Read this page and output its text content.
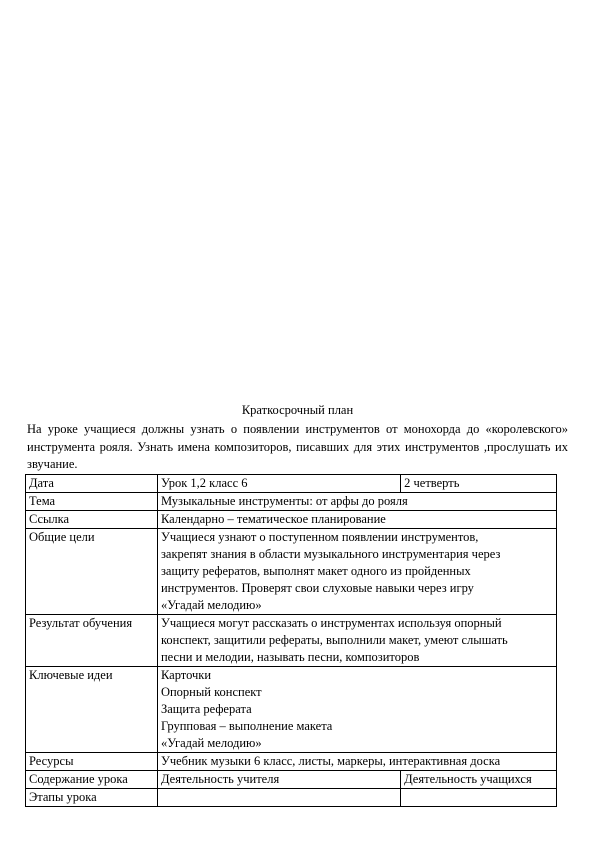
Краткосрочный план
На уроке учащиеся должны узнать о появлении инструментов от монохорда до «королевского» инструмента рояля. Узнать имена композиторов, писавших для этих инструментов ,прослушать их звучание.
Дата	Урок 1,2 класс 6	2 четверть
Тема	Музыкальные инструменты: от арфы до рояля	
Ссылка	Календарно – тематическое планирование	
Общие цели	Учащиеся узнают о поступенном появлении инструментов,
закрепят знания в области музыкального инструментария через
защиту рефератов, выполнят макет одного из пройденных
инструментов. Проверят свои слуховые навыки через игру
«Угадай мелодию»	

Результат обучения	Учащиеся могут рассказать о инструментах используя опорный
конспект, защитили рефераты, выполнили макет, умеют слышать
песни и мелодии, называть песни, композиторов	

Ключевые идеи	Карточки
Опорный конспект
Защита реферата
Групповая – выполнение макета
«Угадай мелодию»	

Ресурсы	Учебник музыки 6 класс, листы, маркеры, интерактивная доска	
Содержание урока	Деятельность учителя	Деятельность учащихся
Этапы урока		
